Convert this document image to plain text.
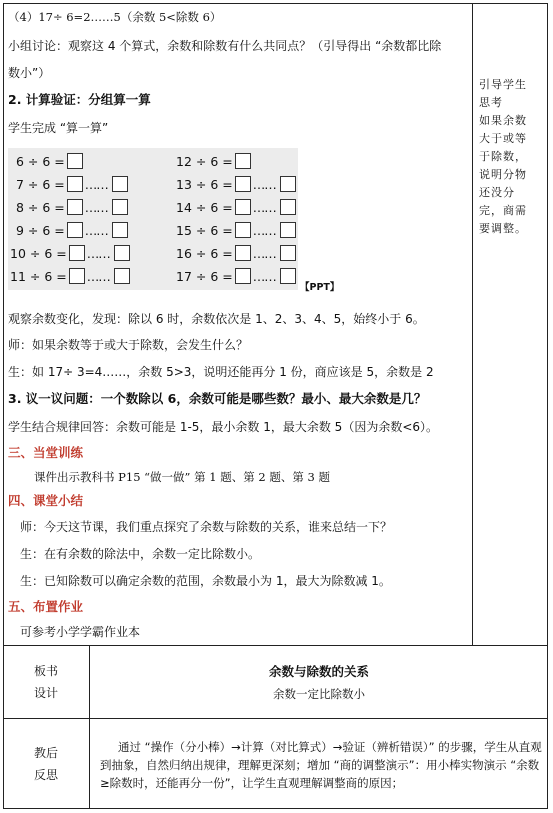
（4）17÷ 6=2……5（余数 5<除数 6）
小组讨论：观察这 4 个算式，余数和除数有什么共同点？（引导得出 “余数都比除
数小”）
2. 计算验证：分组算一算
学生完成 “算一算”
6 ÷ 6 =
7 ÷ 6 = ……
8 ÷ 6 = ……
9 ÷ 6 = ……
10 ÷ 6 = ……
11 ÷ 6 = ……
12 ÷ 6 =
13 ÷ 6 = ……
14 ÷ 6 = ……
15 ÷ 6 = ……
16 ÷ 6 = ……
17 ÷ 6 = ……
【PPT】
观察余数变化，发现：除以 6 时，余数依次是 1、2、3、4、5，始终小于 6。
师：如果余数等于或大于除数，会发生什么？
生：如 17÷ 3=4……，余数 5>3，说明还能再分 1 份，商应该是 5，余数是 2
3. 议一议问题：一个数除以 6，余数可能是哪些数？最小、最大余数是几？
学生结合规律回答：余数可能是 1-5，最小余数 1，最大余数 5（因为余数<6）。
三、当堂训练
课件出示教科书 P15 “做一做” 第 1 题、第 2 题、第 3 题
四、课堂小结
师：今天这节课，我们重点探究了余数与除数的关系，谁来总结一下？
生：在有余数的除法中，余数一定比除数小。
生：已知除数可以确定余数的范围，余数最小为 1，最大为除数减 1。
五、布置作业
可参考小学学霸作业本
引导学生
思考
如果余数
大于或等
于除数，
说明分物
还没分
完，商需
要调整。
板书
设计
余数与除数的关系
余数一定比除数小
教后
反思
通过 “操作（分小棒）→计算（对比算式）→验证（辨析错误）” 的步骤，学生从直观到抽象，自然归纳出规律，理解更深刻；增加 “商的调整演示”：用小棒实物演示 “余数≥除数时，还能再分一份”，让学生直观理解调整商的原因；
